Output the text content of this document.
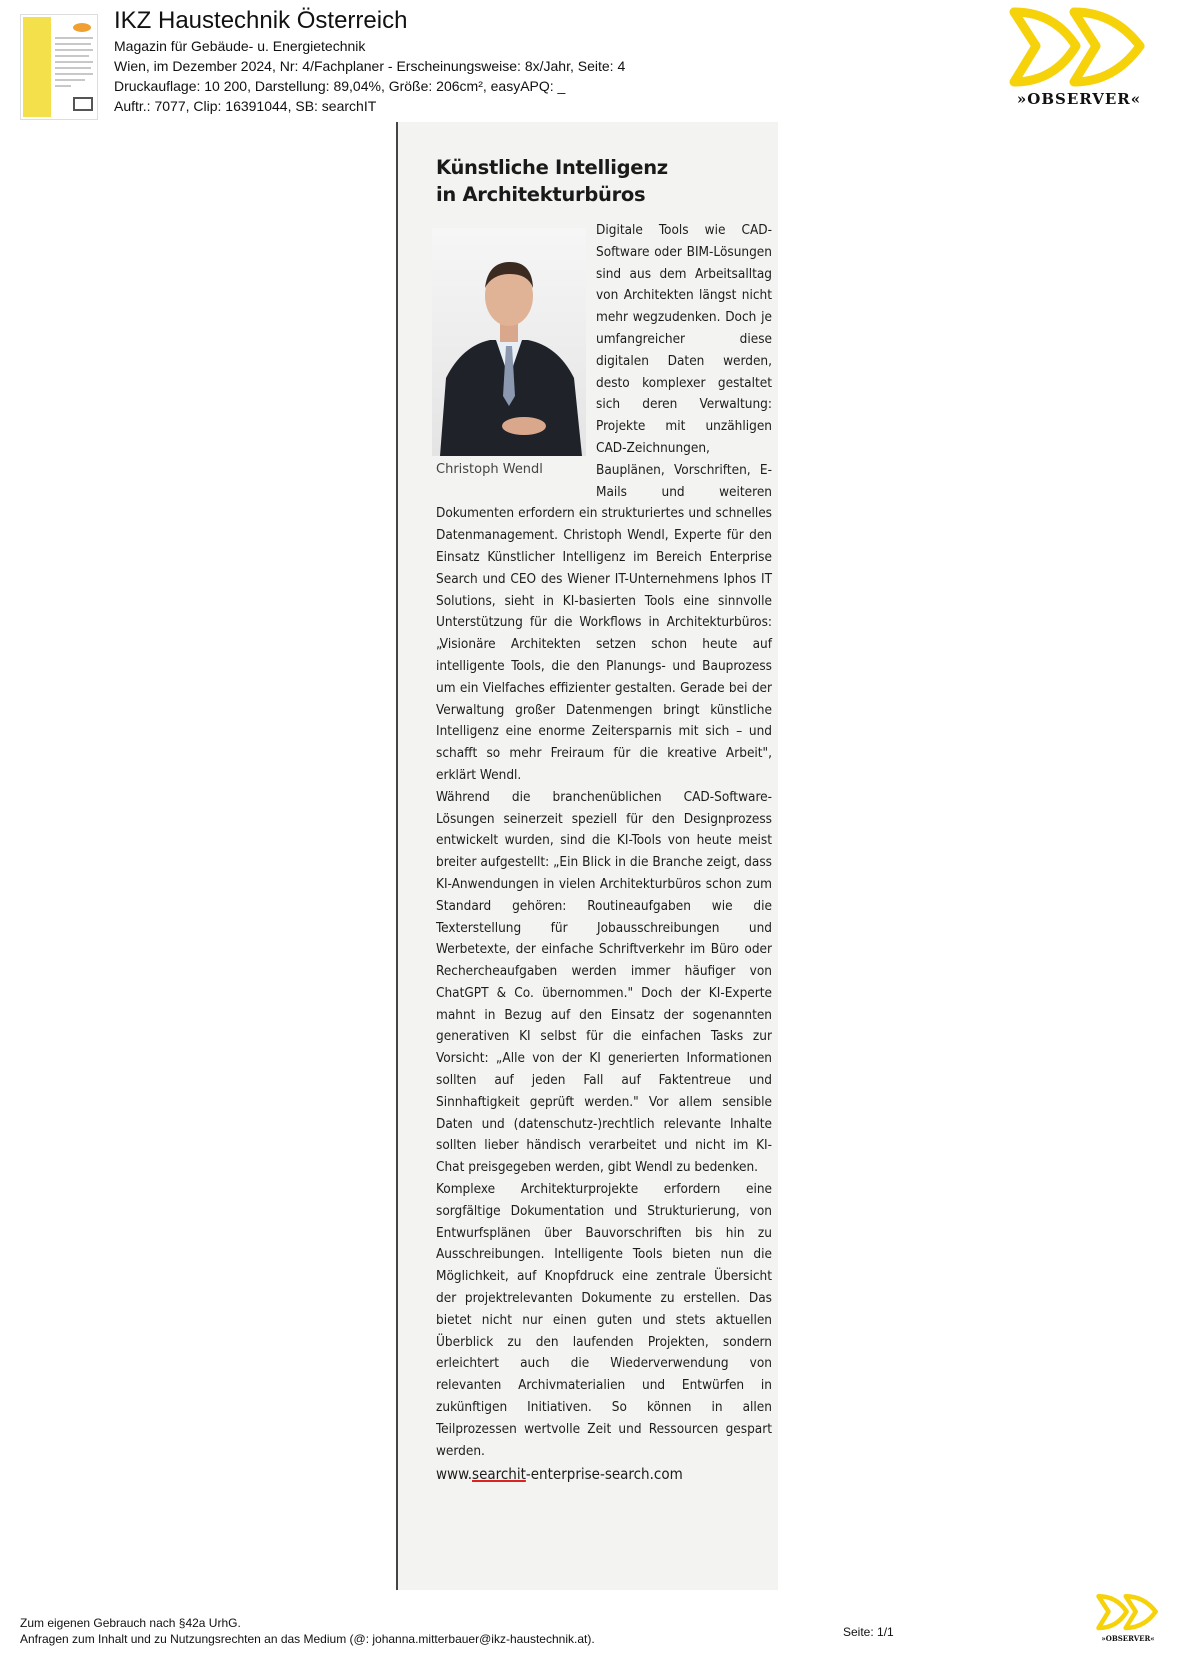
IKZ Haustechnik Österreich
Magazin für Gebäude- u. Energietechnik
Wien, im Dezember 2024, Nr: 4/Fachplaner - Erscheinungsweise: 8x/Jahr, Seite: 4
Druckauflage: 10 200, Darstellung: 89,04%, Größe: 206cm², easyAPQ: _
Auftr.: 7077, Clip: 16391044, SB: searchIT	»OBSERVER«
Künstliche Intelligenz
in Architekturbüros
Christoph Wendl

Digitale Tools wie CAD-Software oder BIM-Lösungen sind aus dem Arbeitsalltag von Architekten längst nicht mehr wegzudenken. Doch je umfangreicher diese digitalen Daten werden, desto komplexer gestaltet sich deren Verwaltung: Projekte mit unzähligen CAD-Zeichnungen, Bauplänen, Vorschriften, E-Mails und weiteren Dokumenten erfordern ein strukturiertes und schnelles Datenmanagement. Christoph Wendl, Experte für den Einsatz Künstlicher Intelligenz im Bereich Enterprise Search und CEO des Wiener IT-Unternehmens Iphos IT Solutions, sieht in KI-basierten Tools eine sinnvolle Unterstützung für die Workflows in Architekturbüros: „Visionäre Architekten setzen schon heute auf intelligente Tools, die den Planungs- und Bauprozess um ein Vielfaches effizienter gestalten. Gerade bei der Verwaltung großer Datenmengen bringt künstliche Intelligenz eine enorme Zeitersparnis mit sich – und schafft so mehr Freiraum für die kreative Arbeit", erklärt Wendl.

Während die branchenüblichen CAD-Software-Lösungen seinerzeit speziell für den Designprozess entwickelt wurden, sind die KI-Tools von heute meist breiter aufgestellt: „Ein Blick in die Branche zeigt, dass KI-Anwendungen in vielen Architekturbüros schon zum Standard gehören: Routineaufgaben wie die Texterstellung für Jobausschreibungen und Werbetexte, der einfache Schriftverkehr im Büro oder Rechercheaufgaben werden immer häufiger von ChatGPT & Co. übernommen." Doch der KI-Experte mahnt in Bezug auf den Einsatz der sogenannten generativen KI selbst für die einfachen Tasks zur Vorsicht: „Alle von der KI generierten Informationen sollten auf jeden Fall auf Faktentreue und Sinnhaftigkeit geprüft werden." Vor allem sensible Daten und (datenschutz-)rechtlich relevante Inhalte sollten lieber händisch verarbeitet und nicht im KI-Chat preisgegeben werden, gibt Wendl zu bedenken.

Komplexe Architekturprojekte erfordern eine sorgfältige Dokumentation und Strukturierung, von Entwurfsplänen über Bauvorschriften bis hin zu Ausschreibungen. Intelligente Tools bieten nun die Möglichkeit, auf Knopfdruck eine zentrale Übersicht der projektrelevanten Dokumente zu erstellen. Das bietet nicht nur einen guten und stets aktuellen Überblick zu den laufenden Projekten, sondern erleichtert auch die Wiederverwendung von relevanten Archivmaterialien und Entwürfen in zukünftigen Initiativen. So können in allen Teilprozessen wertvolle Zeit und Ressourcen gespart werden.

www.searchit-enterprise-search.com
Zum eigenen Gebrauch nach §42a UrhG.
Anfragen zum Inhalt und zu Nutzungsrechten an das Medium (@: johanna.mitterbauer@ikz-haustechnik.at).	Seite: 1/1	»OBSERVER«
